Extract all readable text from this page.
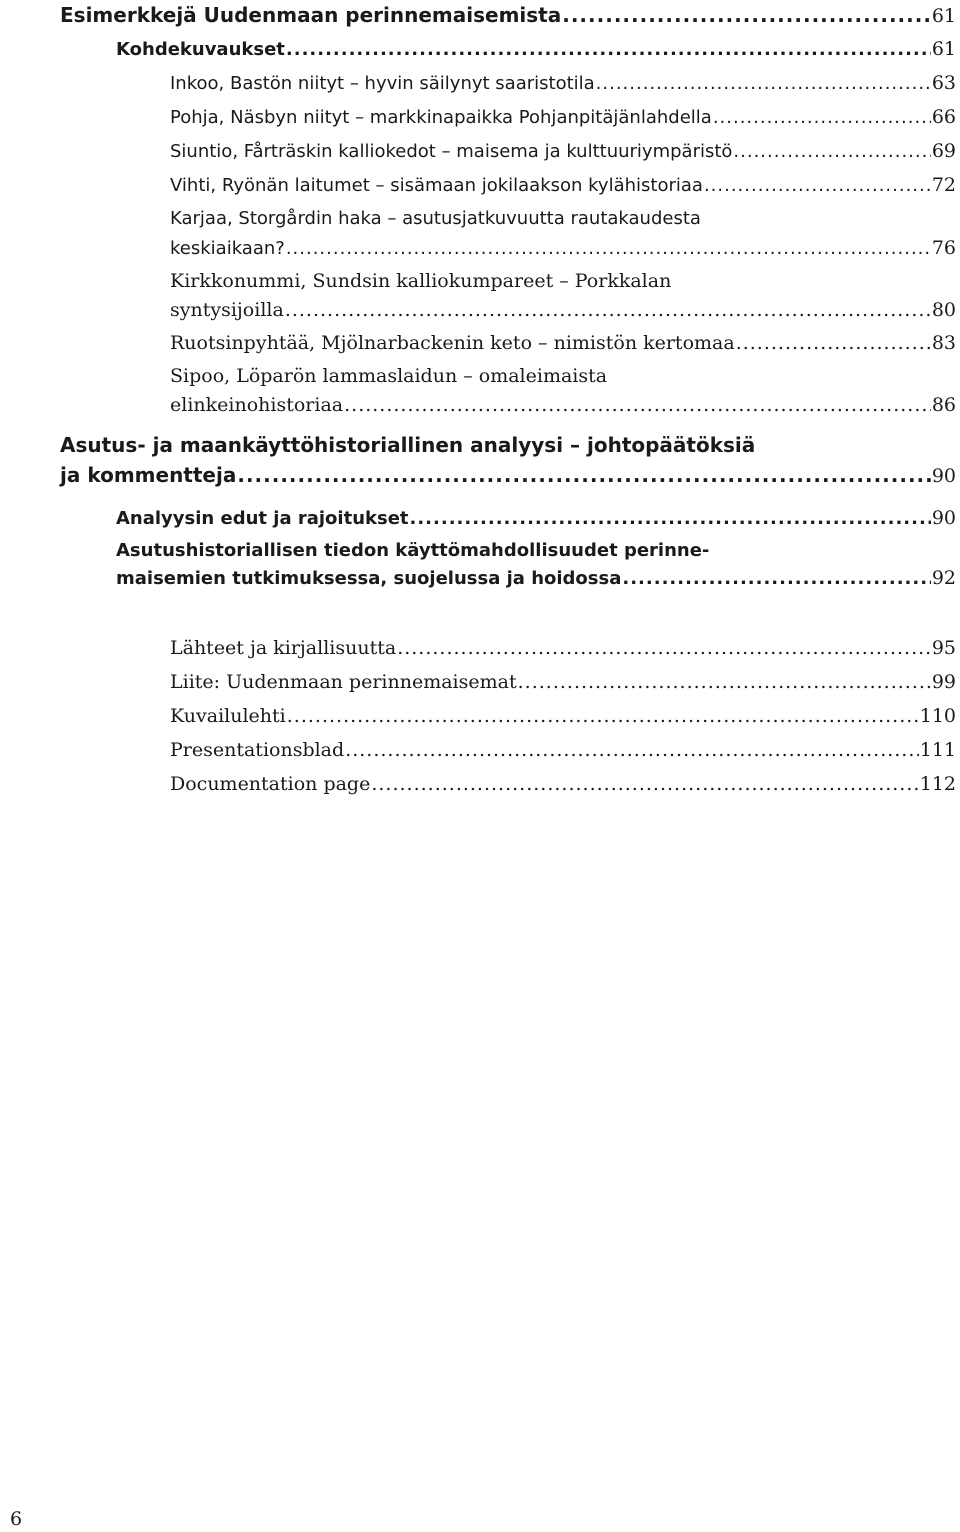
Esimerkkejä Uudenmaan perinnemaisemista .....	61
Kohdekuvaukset .....	61
Inkoo, Bastön niityt – hyvin säilynyt saaristotila .....	63
Pohja, Näsbyn niityt – markkinapaikka Pohjanpitäjänlahdella .....	66
Siuntio, Fårträskin kalliokedot – maisema ja kulttuuriympäristö .....	69
Vihti, Ryönän laitumet – sisämaan jokilaakson kylähistoriaa .....	72
Karjaa, Storgårdin haka – asutusjatkuvuutta rautakaudesta
keskiaikaan? .....	76
Kirkkonummi, Sundsin kalliokumpareet – Porkkalan
syntysijoilla .....	80
Ruotsinpyhtää, Mjölnarbackenin keto – nimistön kertomaa .....	83
Sipoo, Löparön lammaslaidun – omaleimaista
elinkeinohistoriaa .....	86
Asutus- ja maankäyttöhistoriallinen analyysi – johtopäätöksiä
ja kommentteja .....	90
Analyysin edut ja rajoitukset .....	90
Asutushistoriallisen tiedon käyttömahdollisuudet perinne-
maisemien tutkimuksessa, suojelussa ja hoidossa .....	92
Lähteet ja kirjallisuutta .....	95
Liite: Uudenmaan perinnemaisemat .....	99
Kuvailulehti .....	110
Presentationsblad .....	111
Documentation page .....	112
6
